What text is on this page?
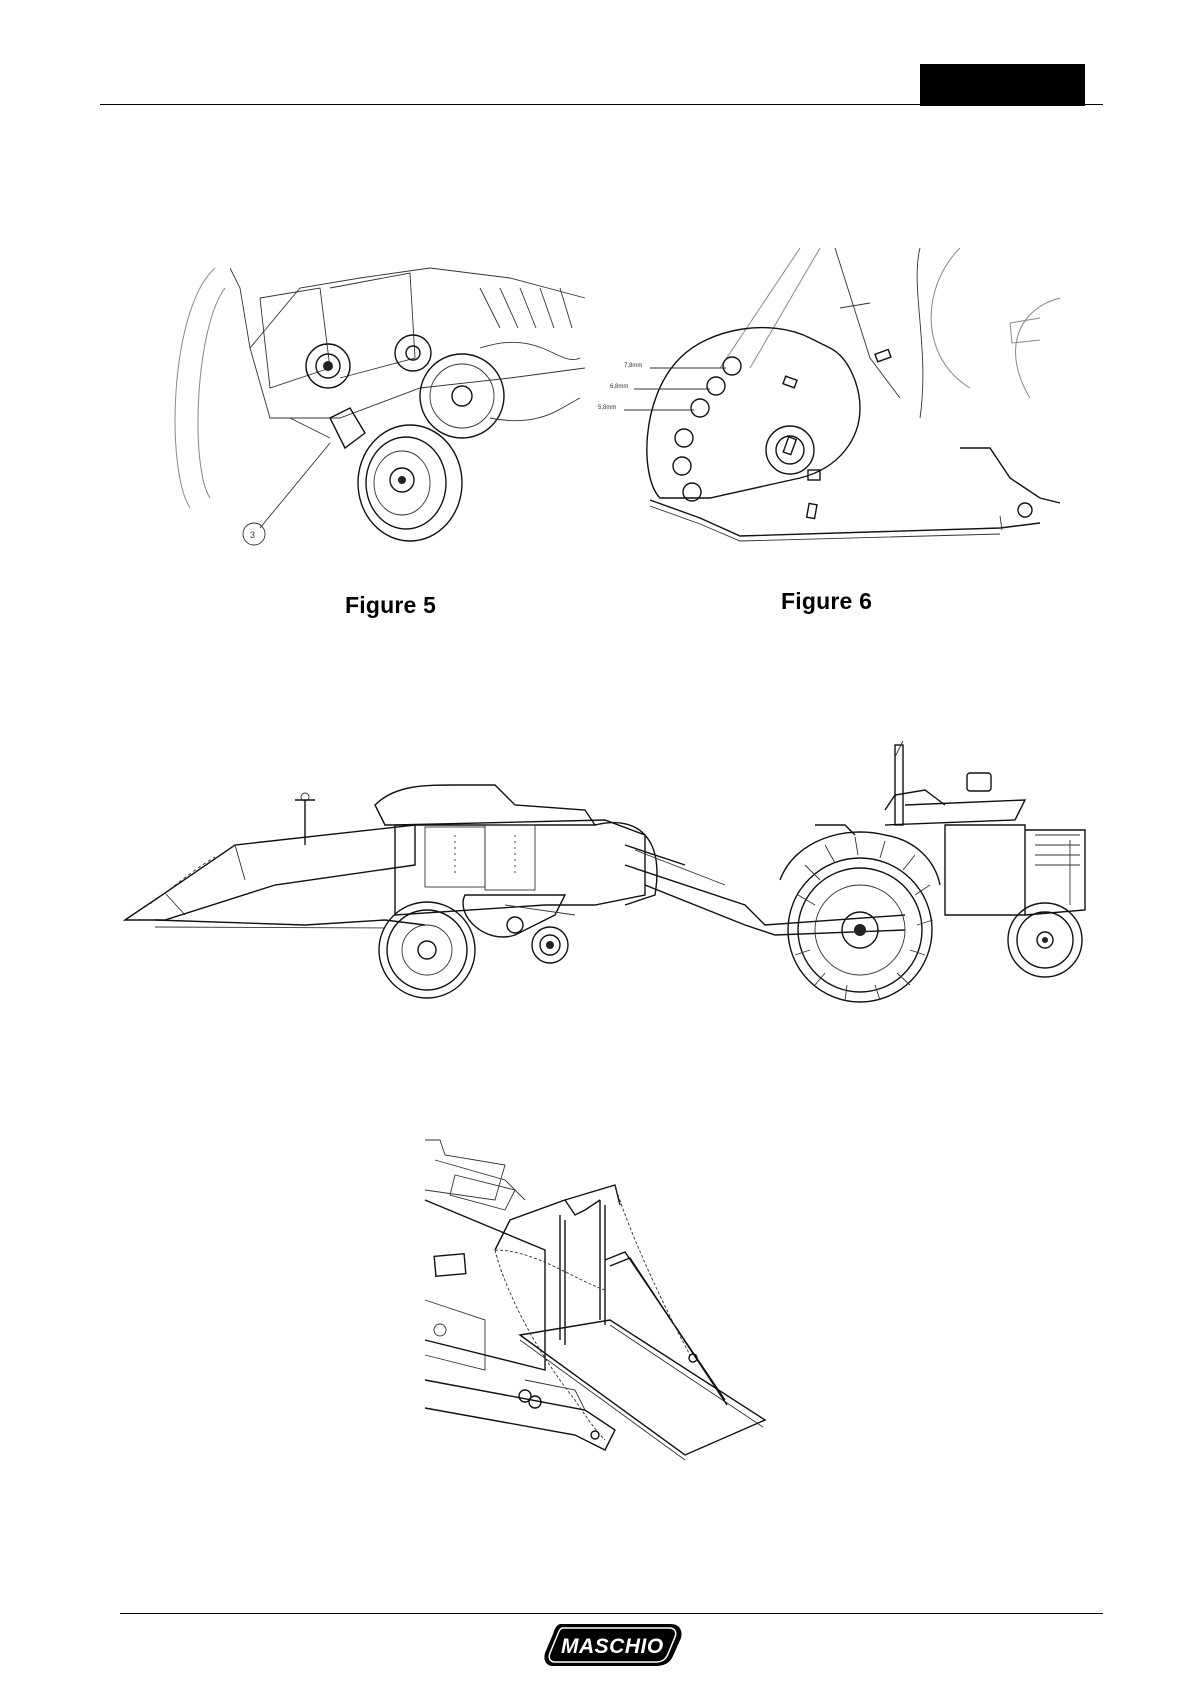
3
Figure 5
7,8mm
6,8mm
5,8mm
Figure 6
MASCHIO
